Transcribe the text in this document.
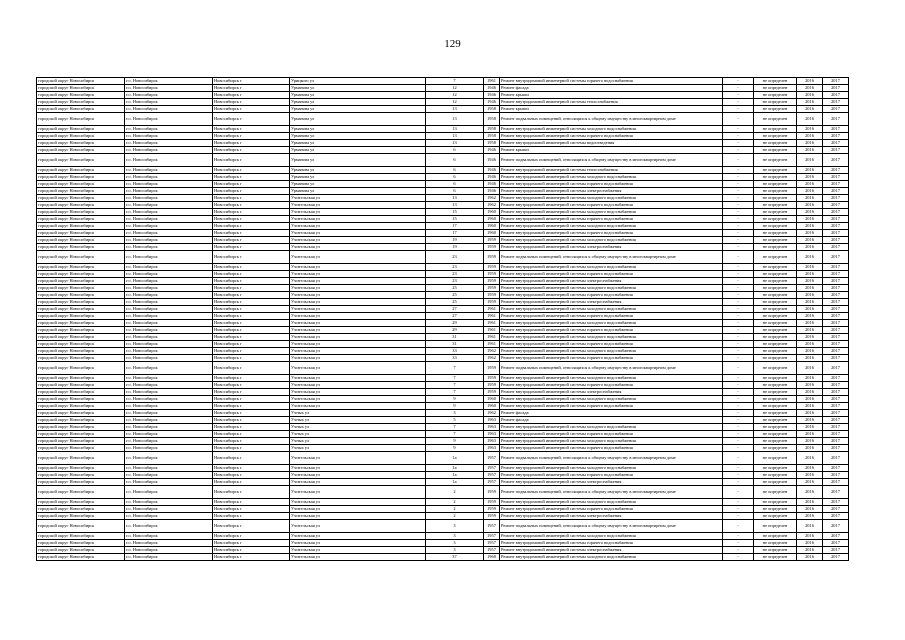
129
городской округ Новосибирск	г.о. Новосибирск	Новосибирск г	Урицкого ул	7	1961	Ремонт внутридомовой инженерной системы горячего водоснабжения	-	не определен	2016	2017
городской округ Новосибирск	г.о. Новосибирск	Новосибирск г	Урманова ул	12	1946	Ремонт фасада	-	не определен	2016	2017
городской округ Новосибирск	г.о. Новосибирск	Новосибирск г	Урманова ул	12	1946	Ремонт крыши	-	не определен	2016	2017
городской округ Новосибирск	г.о. Новосибирск	Новосибирск г	Урманова ул	12	1946	Ремонт внутридомовой инженерной системы теплоснабжения	-	не определен	2016	2017
городской округ Новосибирск	г.о. Новосибирск	Новосибирск г	Урманова ул	13	1958	Ремонт крыши	-	не определен	2016	2017
городской округ Новосибирск	г.о. Новосибирск	Новосибирск г	Урманова ул	13	1958	Ремонт подвальных помещений, относящихся к общему имуществу в многоквартирном доме	-	не определен	2016	2017
городской округ Новосибирск	г.о. Новосибирск	Новосибирск г	Урманова ул	13	1958	Ремонт внутридомовой инженерной системы холодного водоснабжения	-	не определен	2016	2017
городской округ Новосибирск	г.о. Новосибирск	Новосибирск г	Урманова ул	13	1958	Ремонт внутридомовой инженерной системы горячего водоснабжения	-	не определен	2016	2017
городской округ Новосибирск	г.о. Новосибирск	Новосибирск г	Урманова ул	13	1958	Ремонт внутридомовой инженерной системы водоотведения	-	не определен	2016	2017
городской округ Новосибирск	г.о. Новосибирск	Новосибирск г	Урманова ул	6	1946	Ремонт крыши	-	не определен	2016	2017
городской округ Новосибирск	г.о. Новосибирск	Новосибирск г	Урманова ул	6	1946	Ремонт подвальных помещений, относящихся к общему имуществу в многоквартирном доме	-	не определен	2016	2017
городской округ Новосибирск	г.о. Новосибирск	Новосибирск г	Урманова ул	6	1946	Ремонт внутридомовой инженерной системы теплоснабжения	-	не определен	2016	2017
городской округ Новосибирск	г.о. Новосибирск	Новосибирск г	Урманова ул	6	1946	Ремонт внутридомовой инженерной системы холодного водоснабжения	-	не определен	2016	2017
городской округ Новосибирск	г.о. Новосибирск	Новосибирск г	Урманова ул	6	1946	Ремонт внутридомовой инженерной системы горячего водоснабжения	-	не определен	2016	2017
городской округ Новосибирск	г.о. Новосибирск	Новосибирск г	Урманова ул	6	1946	Ремонт внутридомовой инженерной системы электроснабжения	-	не определен	2016	2017
городской округ Новосибирск	г.о. Новосибирск	Новосибирск г	Учительская ул	13	1962	Ремонт внутридомовой инженерной системы холодного водоснабжения	-	не определен	2016	2017
городской округ Новосибирск	г.о. Новосибирск	Новосибирск г	Учительская ул	13	1962	Ремонт внутридомовой инженерной системы горячего водоснабжения	-	не определен	2016	2017
городской округ Новосибирск	г.о. Новосибирск	Новосибирск г	Учительская ул	15	1960	Ремонт внутридомовой инженерной системы холодного водоснабжения	-	не определен	2016	2017
городской округ Новосибирск	г.о. Новосибирск	Новосибирск г	Учительская ул	15	1960	Ремонт внутридомовой инженерной системы горячего водоснабжения	-	не определен	2016	2017
городской округ Новосибирск	г.о. Новосибирск	Новосибирск г	Учительская ул	17	1960	Ремонт внутридомовой инженерной системы холодного водоснабжения	-	не определен	2016	2017
городской округ Новосибирск	г.о. Новосибирск	Новосибирск г	Учительская ул	17	1960	Ремонт внутридомовой инженерной системы горячего водоснабжения	-	не определен	2016	2017
городской округ Новосибирск	г.о. Новосибирск	Новосибирск г	Учительская ул	19	1959	Ремонт внутридомовой инженерной системы холодного водоснабжения	-	не определен	2016	2017
городской округ Новосибирск	г.о. Новосибирск	Новосибирск г	Учительская ул	19	1959	Ремонт внутридомовой инженерной системы электроснабжения	-	не определен	2016	2017
городской округ Новосибирск	г.о. Новосибирск	Новосибирск г	Учительская ул	23	1959	Ремонт подвальных помещений, относящихся к общему имуществу в многоквартирном доме	-	не определен	2016	2017
городской округ Новосибирск	г.о. Новосибирск	Новосибирск г	Учительская ул	23	1959	Ремонт внутридомовой инженерной системы холодного водоснабжения	-	не определен	2016	2017
городской округ Новосибирск	г.о. Новосибирск	Новосибирск г	Учительская ул	23	1959	Ремонт внутридомовой инженерной системы горячего водоснабжения	-	не определен	2016	2017
городской округ Новосибирск	г.о. Новосибирск	Новосибирск г	Учительская ул	23	1959	Ремонт внутридомовой инженерной системы электроснабжения	-	не определен	2016	2017
городской округ Новосибирск	г.о. Новосибирск	Новосибирск г	Учительская ул	25	1959	Ремонт внутридомовой инженерной системы холодного водоснабжения	-	не определен	2016	2017
городской округ Новосибирск	г.о. Новосибирск	Новосибирск г	Учительская ул	25	1959	Ремонт внутридомовой инженерной системы горячего водоснабжения	-	не определен	2016	2017
городской округ Новосибирск	г.о. Новосибирск	Новосибирск г	Учительская ул	25	1959	Ремонт внутридомовой инженерной системы электроснабжения	-	не определен	2016	2017
городской округ Новосибирск	г.о. Новосибирск	Новосибирск г	Учительская ул	27	1961	Ремонт внутридомовой инженерной системы холодного водоснабжения	-	не определен	2016	2017
городской округ Новосибирск	г.о. Новосибирск	Новосибирск г	Учительская ул	27	1961	Ремонт внутридомовой инженерной системы горячего водоснабжения	-	не определен	2016	2017
городской округ Новосибирск	г.о. Новосибирск	Новосибирск г	Учительская ул	29	1961	Ремонт внутридомовой инженерной системы холодного водоснабжения	-	не определен	2016	2017
городской округ Новосибирск	г.о. Новосибирск	Новосибирск г	Учительская ул	29	1961	Ремонт внутридомовой инженерной системы горячего водоснабжения	-	не определен	2016	2017
городской округ Новосибирск	г.о. Новосибирск	Новосибирск г	Учительская ул	31	1961	Ремонт внутридомовой инженерной системы холодного водоснабжения	-	не определен	2016	2017
городской округ Новосибирск	г.о. Новосибирск	Новосибирск г	Учительская ул	31	1961	Ремонт внутридомовой инженерной системы горячего водоснабжения	-	не определен	2016	2017
городской округ Новосибирск	г.о. Новосибирск	Новосибирск г	Учительская ул	33	1962	Ремонт внутридомовой инженерной системы холодного водоснабжения	-	не определен	2016	2017
городской округ Новосибирск	г.о. Новосибирск	Новосибирск г	Учительская ул	33	1962	Ремонт внутридомовой инженерной системы горячего водоснабжения	-	не определен	2016	2017
городской округ Новосибирск	г.о. Новосибирск	Новосибирск г	Учительская ул	7	1959	Ремонт подвальных помещений, относящихся к общему имуществу в многоквартирном доме	-	не определен	2016	2017
городской округ Новосибирск	г.о. Новосибирск	Новосибирск г	Учительская ул	7	1959	Ремонт внутридомовой инженерной системы холодного водоснабжения	-	не определен	2016	2017
городской округ Новосибирск	г.о. Новосибирск	Новосибирск г	Учительская ул	7	1959	Ремонт внутридомовой инженерной системы горячего водоснабжения	-	не определен	2016	2017
городской округ Новосибирск	г.о. Новосибирск	Новосибирск г	Учительская ул	7	1959	Ремонт внутридомовой инженерной системы электроснабжения	-	не определен	2016	2017
городской округ Новосибирск	г.о. Новосибирск	Новосибирск г	Учительская ул	9	1960	Ремонт внутридомовой инженерной системы холодного водоснабжения	-	не определен	2016	2017
городской округ Новосибирск	г.о. Новосибирск	Новосибирск г	Учительская ул	9	1960	Ремонт внутридомовой инженерной системы горячего водоснабжения	-	не определен	2016	2017
городской округ Новосибирск	г.о. Новосибирск	Новосибирск г	Учных ул	3	1962	Ремонт фасада	-	не определен	2016	2017
городской округ Новосибирск	г.о. Новосибирск	Новосибирск г	Учных ул	5	1963	Ремонт фасада	-	не определен	2016	2017
городской округ Новосибирск	г.о. Новосибирск	Новосибирск г	Учных ул	7	1963	Ремонт внутридомовой инженерной системы холодного водоснабжения	-	не определен	2016	2017
городской округ Новосибирск	г.о. Новосибирск	Новосибирск г	Учных ул	7	1963	Ремонт внутридомовой инженерной системы горячего водоснабжения	-	не определен	2016	2017
городской округ Новосибирск	г.о. Новосибирск	Новосибирск г	Учных ул	9	1963	Ремонт внутридомовой инженерной системы холодного водоснабжения	-	не определен	2016	2017
городской округ Новосибирск	г.о. Новосибирск	Новосибирск г	Учных ул	9	1963	Ремонт внутридомовой инженерной системы горячего водоснабжения	-	не определен	2016	2017
городской округ Новосибирск	г.о. Новосибирск	Новосибирск г	Учительская ул	1а	1957	Ремонт подвальных помещений, относящихся к общему имуществу в многоквартирном доме	-	не определен	2016	2017
городской округ Новосибирск	г.о. Новосибирск	Новосибирск г	Учительская ул	1а	1957	Ремонт внутридомовой инженерной системы холодного водоснабжения	-	не определен	2016	2017
городской округ Новосибирск	г.о. Новосибирск	Новосибирск г	Учительская ул	1а	1957	Ремонт внутридомовой инженерной системы горячего водоснабжения	-	не определен	2016	2017
городской округ Новосибирск	г.о. Новосибирск	Новосибирск г	Учительская ул	1а	1957	Ремонт внутридомовой инженерной системы электроснабжения	-	не определен	2016	2017
городской округ Новосибирск	г.о. Новосибирск	Новосибирск г	Учительская ул	2	1959	Ремонт подвальных помещений, относящихся к общему имуществу в многоквартирном доме	-	не определен	2016	2017
городской округ Новосибирск	г.о. Новосибирск	Новосибирск г	Учительская ул	2	1959	Ремонт внутридомовой инженерной системы холодного водоснабжения	-	не определен	2016	2017
городской округ Новосибирск	г.о. Новосибирск	Новосибирск г	Учительская ул	2	1959	Ремонт внутридомовой инженерной системы горячего водоснабжения	-	не определен	2016	2017
городской округ Новосибирск	г.о. Новосибирск	Новосибирск г	Учительская ул	2	1959	Ремонт внутридомовой инженерной системы электроснабжения	-	не определен	2016	2017
городской округ Новосибирск	г.о. Новосибирск	Новосибирск г	Учительская ул	3	1957	Ремонт подвальных помещений, относящихся к общему имуществу в многоквартирном доме	-	не определен	2016	2017
городской округ Новосибирск	г.о. Новосибирск	Новосибирск г	Учительская ул	3	1957	Ремонт внутридомовой инженерной системы холодного водоснабжения	-	не определен	2016	2017
городской округ Новосибирск	г.о. Новосибирск	Новосибирск г	Учительская ул	3	1957	Ремонт внутридомовой инженерной системы горячего водоснабжения	-	не определен	2016	2017
городской округ Новосибирск	г.о. Новосибирск	Новосибирск г	Учительская ул	3	1957	Ремонт внутридомовой инженерной системы электроснабжения	-	не определен	2016	2017
городской округ Новосибирск	г.о. Новосибирск	Новосибирск г	Учительская ул	37	1960	Ремонт внутридомовой инженерной системы холодного водоснабжения	-	не определен	2016	2017
